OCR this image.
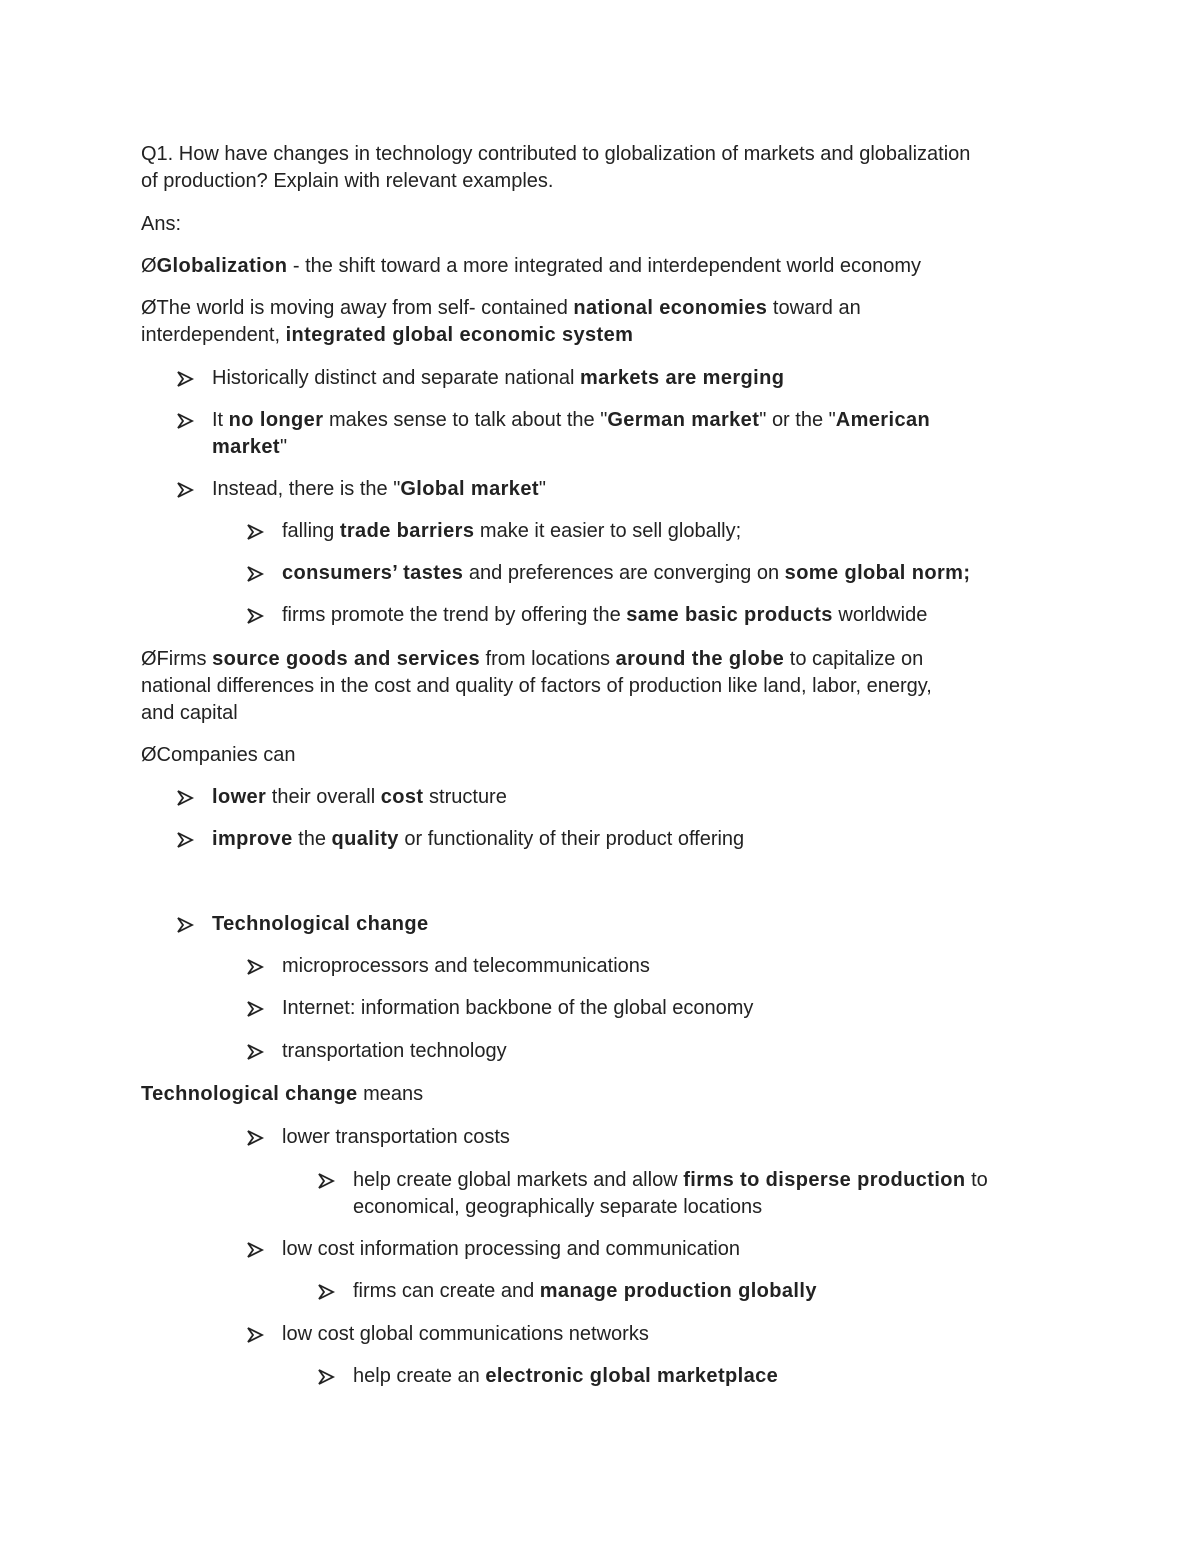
Q1. How have changes in technology contributed to globalization of markets and globalization
of production? Explain with relevant examples.
Ans:
ØGlobalization - the shift toward a more integrated and interdependent world economy
ØThe world is moving away from self- contained national economies toward an
interdependent, integrated global economic system
Historically distinct and separate national markets are merging
It no longer makes sense to talk about the "German market" or the "American
market"
Instead, there is the "Global market"
falling trade barriers make it easier to sell globally;
consumers’ tastes and preferences are converging on some global norm;
firms promote the trend by offering the same basic products worldwide
ØFirms source goods and services from locations around the globe to capitalize on
national differences in the cost and quality of factors of production like land, labor, energy,
and capital
ØCompanies can
lower their overall cost structure
improve the quality or functionality of their product offering
Technological change
microprocessors and telecommunications
Internet: information backbone of the global economy
transportation technology
Technological change means
lower transportation costs
help create global markets and allow firms to disperse production to
economical, geographically separate locations
low cost information processing and communication
firms can create and manage production globally
low cost global communications networks
help create an electronic global marketplace
